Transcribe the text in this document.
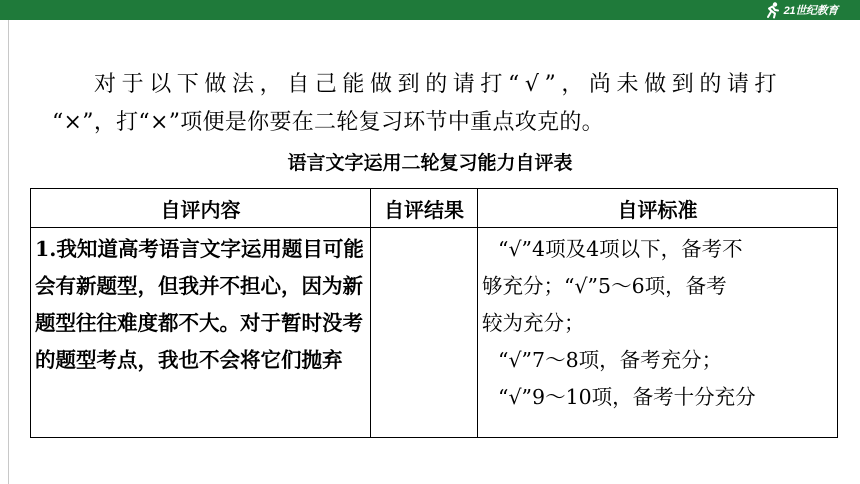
21世纪教育

对于以下做法，自己能做到的请打“√”，尚未做到的请打
“×”，打“×”项便是你要在二轮复习环节中重点攻克的。

语言文字运用二轮复习能力自评表
自评内容	自评结果	自评标准
1.我知道高考语言文字运用题目可能会有新题型，但我并不担心，因为新题型往往难度都不大。对于暂时没考的题型考点，我也不会将它们抛弃		“√”4项及4项以下，备考不
够充分；“√”5～6项，备考
较为充分；
“√”7～8项，备考充分；
“√”9～10项，备考十分充分
